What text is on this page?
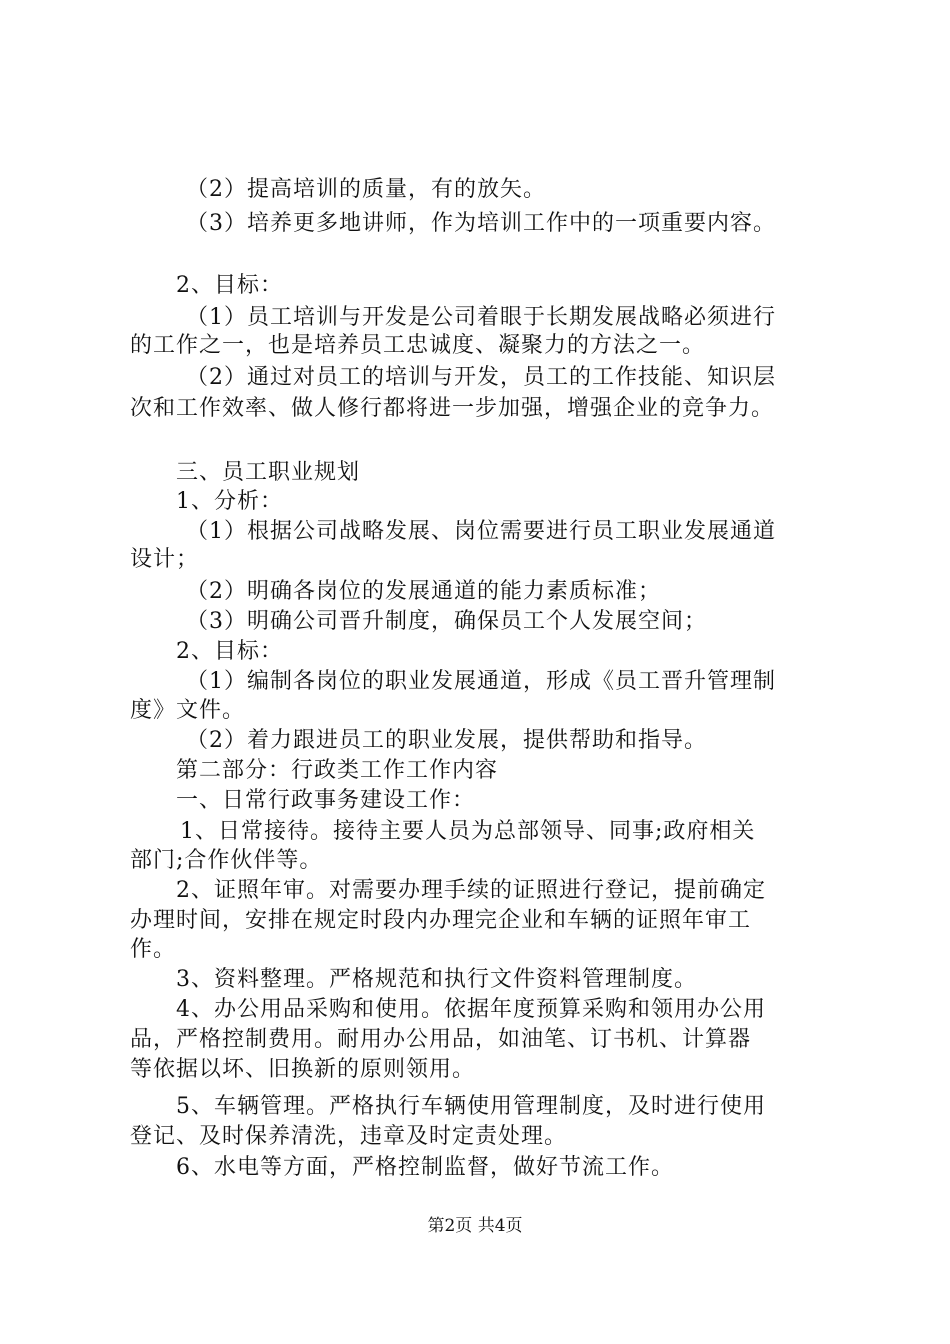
（2）提高培训的质量，有的放矢。
（3）培养更多地讲师，作为培训工作中的一项重要内容。
2、目标：
（1）员工培训与开发是公司着眼于长期发展战略必须进行
的工作之一，也是培养员工忠诚度、凝聚力的方法之一。
（2）通过对员工的培训与开发，员工的工作技能、知识层
次和工作效率、做人修行都将进一步加强，增强企业的竞争力。
三、员工职业规划
1、分析：
（1）根据公司战略发展、岗位需要进行员工职业发展通道
设计；
（2）明确各岗位的发展通道的能力素质标准；
（3）明确公司晋升制度，确保员工个人发展空间；
2、目标：
（1）编制各岗位的职业发展通道，形成《员工晋升管理制
度》文件。
（2）着力跟进员工的职业发展，提供帮助和指导。
第二部分：行政类工作工作内容
一、日常行政事务建设工作：
1、日常接待。接待主要人员为总部领导、同事;政府相关
部门;合作伙伴等。
2、证照年审。对需要办理手续的证照进行登记，提前确定
办理时间，安排在规定时段内办理完企业和车辆的证照年审工
作。
3、资料整理。严格规范和执行文件资料管理制度。
4、办公用品采购和使用。依据年度预算采购和领用办公用
品，严格控制费用。耐用办公用品，如油笔、订书机、计算器
等依据以坏、旧换新的原则领用。
5、车辆管理。严格执行车辆使用管理制度，及时进行使用
登记、及时保养清洗，违章及时定责处理。
6、水电等方面，严格控制监督，做好节流工作。
第2页 共4页
